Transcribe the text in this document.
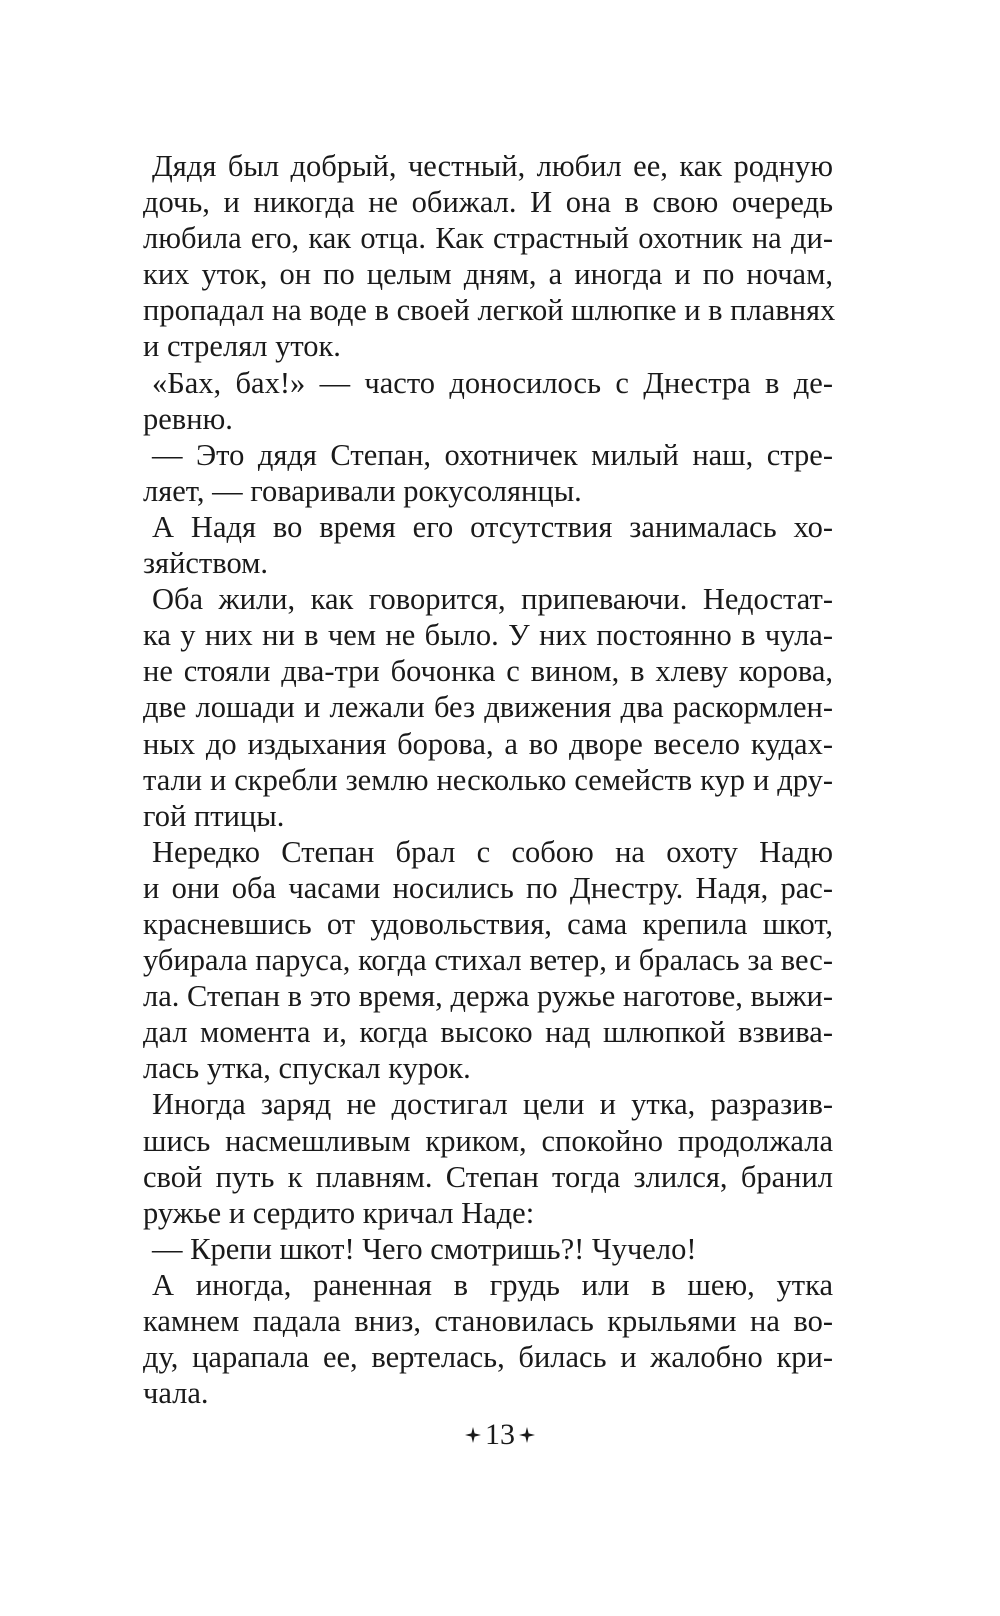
Дядя был добрый, честный, любил ее, как родную
дочь, и никогда не обижал. И она в свою очередь
любила его, как отца. Как страстный охотник на ди-
ких уток, он по целым дням, а иногда и по ночам,
пропадал на воде в своей легкой шлюпке и в плавнях
и стрелял уток.
«Бах, бах!» — часто доносилось с Днестра в де-
ревню.
— Это дядя Степан, охотничек милый наш, стре-
ляет, — говаривали рокусолянцы.
А Надя во время его отсутствия занималась хо-
зяйством.
Оба жили, как говорится, припеваючи. Недостат-
ка у них ни в чем не было. У них постоянно в чула-
не стояли два-три бочонка с вином, в хлеву корова,
две лошади и лежали без движения два раскормлен-
ных до издыхания борова, а во дворе весело кудах-
тали и скребли землю несколько семейств кур и дру-
гой птицы.
Нередко Степан брал с собою на охоту Надю
и они оба часами носились по Днестру. Надя, рас-
красневшись от удовольствия, сама крепила шкот,
убирала паруса, когда стихал ветер, и бралась за вес-
ла. Степан в это время, держа ружье наготове, выжи-
дал момента и, когда высоко над шлюпкой взвива-
лась утка, спускал курок.
Иногда заряд не достигал цели и утка, разразив-
шись насмешливым криком, спокойно продолжала
свой путь к плавням. Степан тогда злился, бранил
ружье и сердито кричал Наде:
— Крепи шкот! Чего смотришь?! Чучело!
А иногда, раненная в грудь или в шею, утка
камнем падала вниз, становилась крыльями на во-
ду, царапала ее, вертелась, билась и жалобно кри-
чала.
13
